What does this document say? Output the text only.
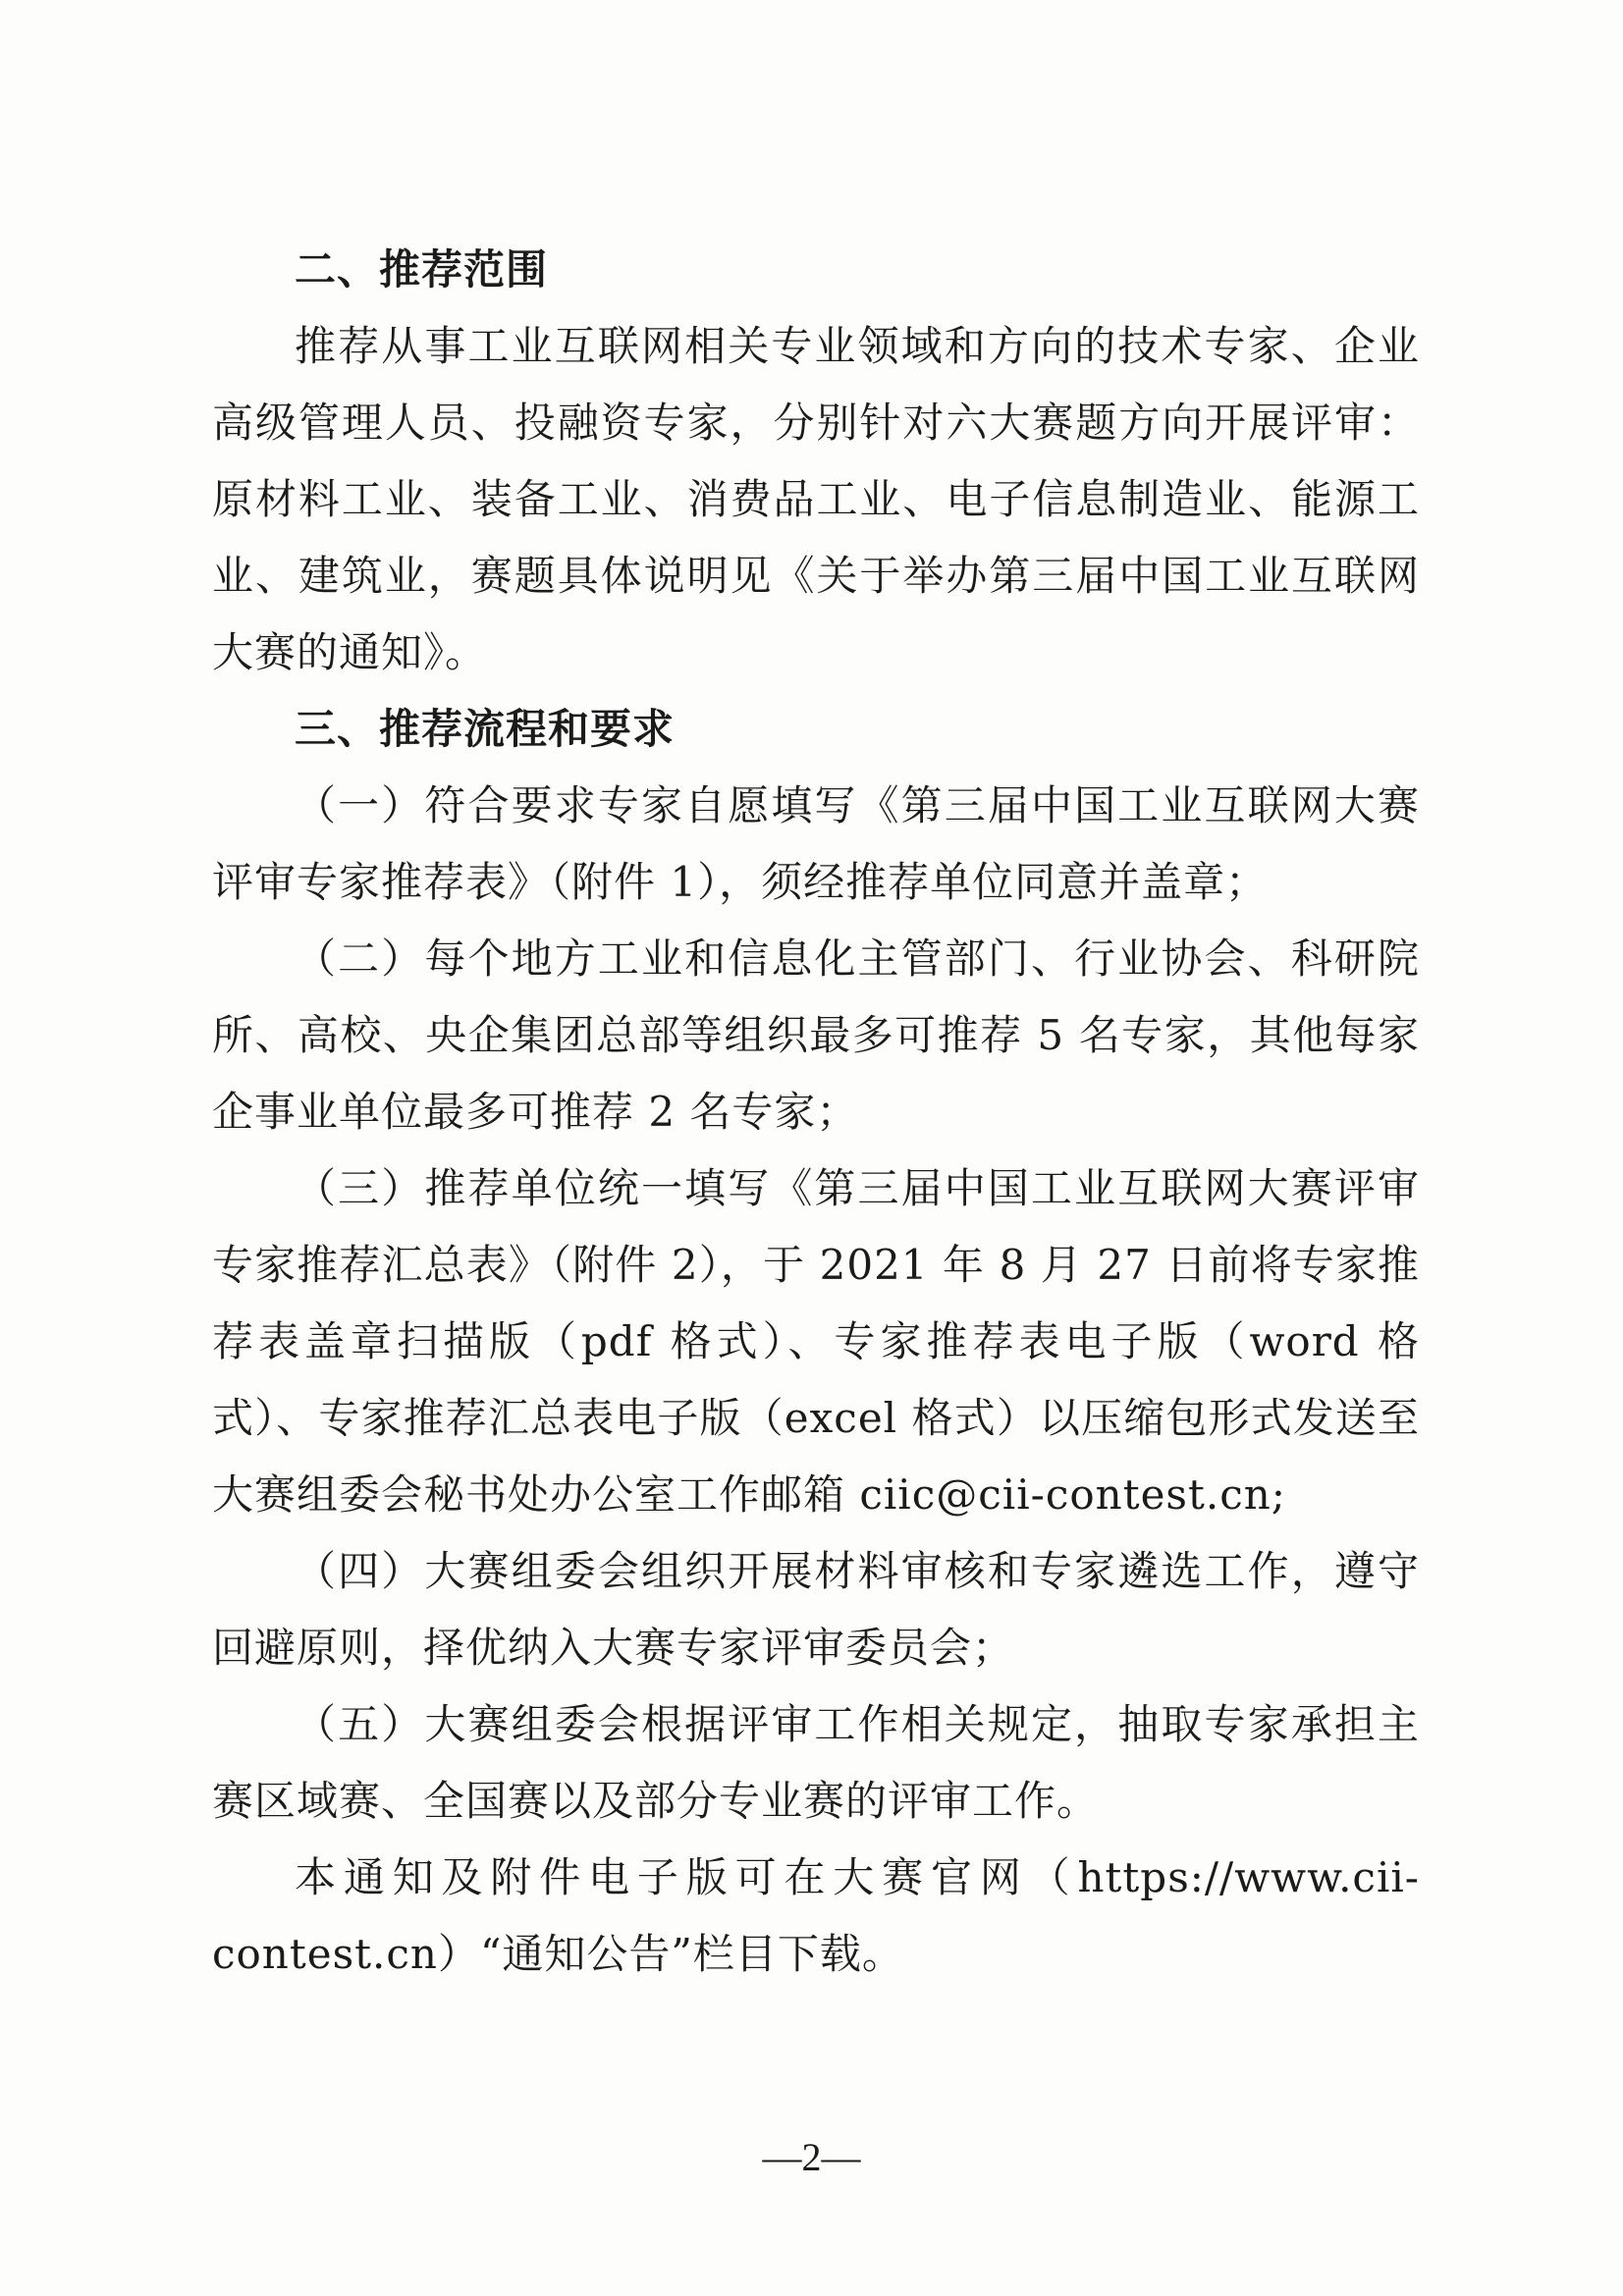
二、推荐范围

推荐从事工业互联网相关专业领域和方向的技术专家、企业高级管理人员、投融资专家，分别针对六大赛题方向开展评审：原材料工业、装备工业、消费品工业、电子信息制造业、能源工业、建筑业，赛题具体说明见《关于举办第三届中国工业互联网大赛的通知》。

三、推荐流程和要求

（一）符合要求专家自愿填写《第三届中国工业互联网大赛评审专家推荐表》（附件 1），须经推荐单位同意并盖章；

（二）每个地方工业和信息化主管部门、行业协会、科研院所、高校、央企集团总部等组织最多可推荐 5 名专家，其他每家企事业单位最多可推荐 2 名专家；

（三）推荐单位统一填写《第三届中国工业互联网大赛评审专家推荐汇总表》（附件 2），于 2021 年 8 月 27 日前将专家推荐表盖章扫描版（pdf 格式）、专家推荐表电子版（word 格式）、专家推荐汇总表电子版（excel 格式）以压缩包形式发送至大赛组委会秘书处办公室工作邮箱 ciic@cii-contest.cn;

（四）大赛组委会组织开展材料审核和专家遴选工作，遵守回避原则，择优纳入大赛专家评审委员会；

（五）大赛组委会根据评审工作相关规定，抽取专家承担主赛区域赛、全国赛以及部分专业赛的评审工作。

本通知及附件电子版可在大赛官网（https://www.cii-contest.cn）“通知公告”栏目下载。

—2—
